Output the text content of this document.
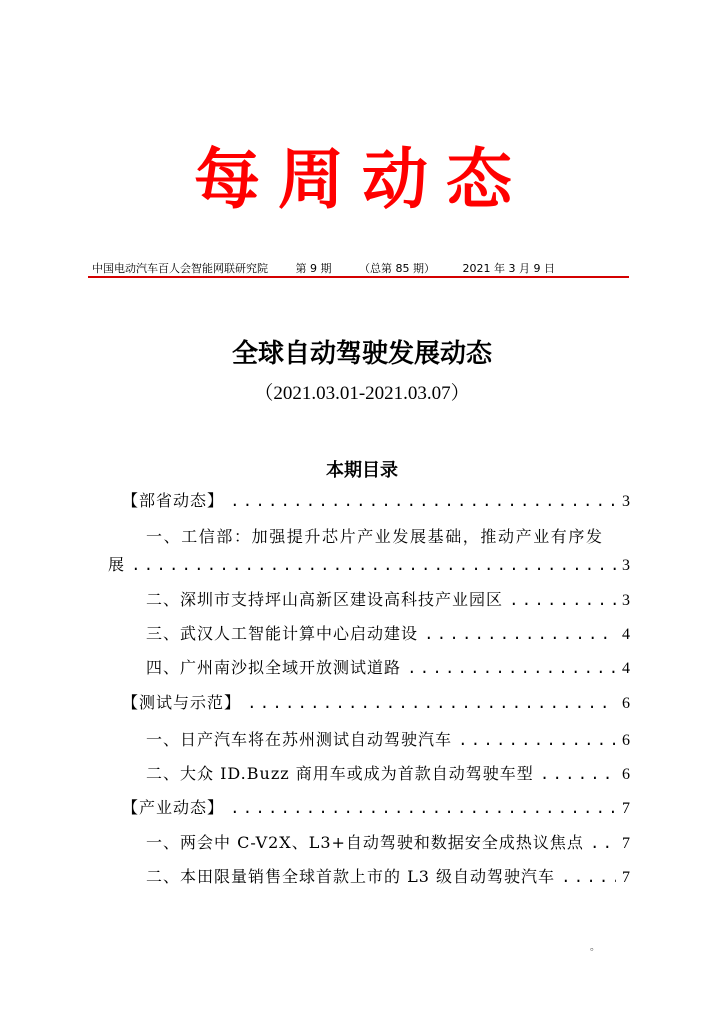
每周动态
中国电动汽车百人会智能网联研究院	第 9 期	（总第 85 期）	2021 年 3 月 9 日
全球自动驾驶发展动态
（2021.03.01-2021.03.07）
本期目录
【部省动态】 .....	3
一、工信部：加强提升芯片产业发展基础，推动产业有序发
展 .....	3
二、深圳市支持坪山高新区建设高科技产业园区 .....	3
三、武汉人工智能计算中心启动建设 .....	4
四、广州南沙拟全域开放测试道路 .....	4
【测试与示范】 .....	6
一、日产汽车将在苏州测试自动驾驶汽车 .....	6
二、大众 ID.Buzz 商用车或成为首款自动驾驶车型 .....	6
【产业动态】 .....	7
一、两会中 C-V2X、L3+自动驾驶和数据安全成热议焦点 ..... 7
二、本田限量销售全球首款上市的 L3 级自动驾驶汽车 .....	7
。
